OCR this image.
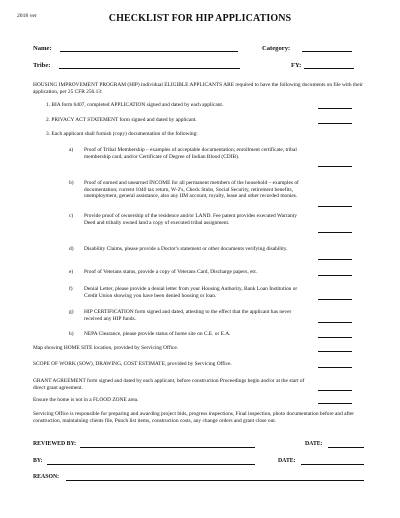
2018 ver	CHECKLIST FOR HIP APPLICATIONS
Name:	Category:
Tribe:	FY:
HOUSING IMPROVEMENT PROGRAM (HIP) individual ELIGIBLE APPLICANTS ARE required to have the following documents on file with their application, per 25 CFR 256.13:
1. BIA form 6407, completed APPLICATION signed and dated by each applicant.
2. PRIVACY ACT STATEMENT form signed and dated by applicant.
3. Each applicant shall furnish (copy) documentation of the following:
a) Proof of Tribal Membership – examples of acceptable documentation; enrollment certificate, tribal membership card, and/or Certificate of Degree of Indian Blood (CDIB).
b) Proof of earned and unearned INCOME for all permanent members of the household – examples of documentation; current 1040 tax return, W-2's, Check Stubs, Social Security, retirement benefits, unemployment, general assistance, also any IIM account, royalty, lease and other recorded monies.
c) Provide proof of ownership of the residence and/or LAND. Fee patent provides executed Warranty Deed and tribally owned land a copy of executed tribal assignment.
d) Disability Claims, please provide a Doctor's statement or other documents verifying disability.
e) Proof of Veterans status, provide a copy of Veterans Card, Discharge papers, etc.
f) Denial Letter, please provide a denial letter from your Housing Authority, Bank Loan Institution or Credit Union showing you have been denied housing or loan.
g) HIP CERTIFICATION form signed and dated, attesting to the effect that the applicant has never received any HIP funds.
h) NEPA Clearance, please provide status of home site on C.E. or E.A.
Map showing HOME SITE location, provided by Servicing Office.
SCOPE OF WORK (SOW), DRAWING, COST ESTIMATE, provided by Servicing Office.
GRANT AGREEMENT form signed and dated by each applicant, before construction Proceedings begin and/or at the start of direct grant agreement.
Ensure the home is not in a FLOOD ZONE area.
Servicing Office is responsible for preparing and awarding project bids, progress inspections, Final inspection, photo documentation before and after construction, maintaining clients file, Punch list items, construction costs, any change orders and grant close out.
REVIEWED BY:	DATE:
BY:	DATE:
REASON:
